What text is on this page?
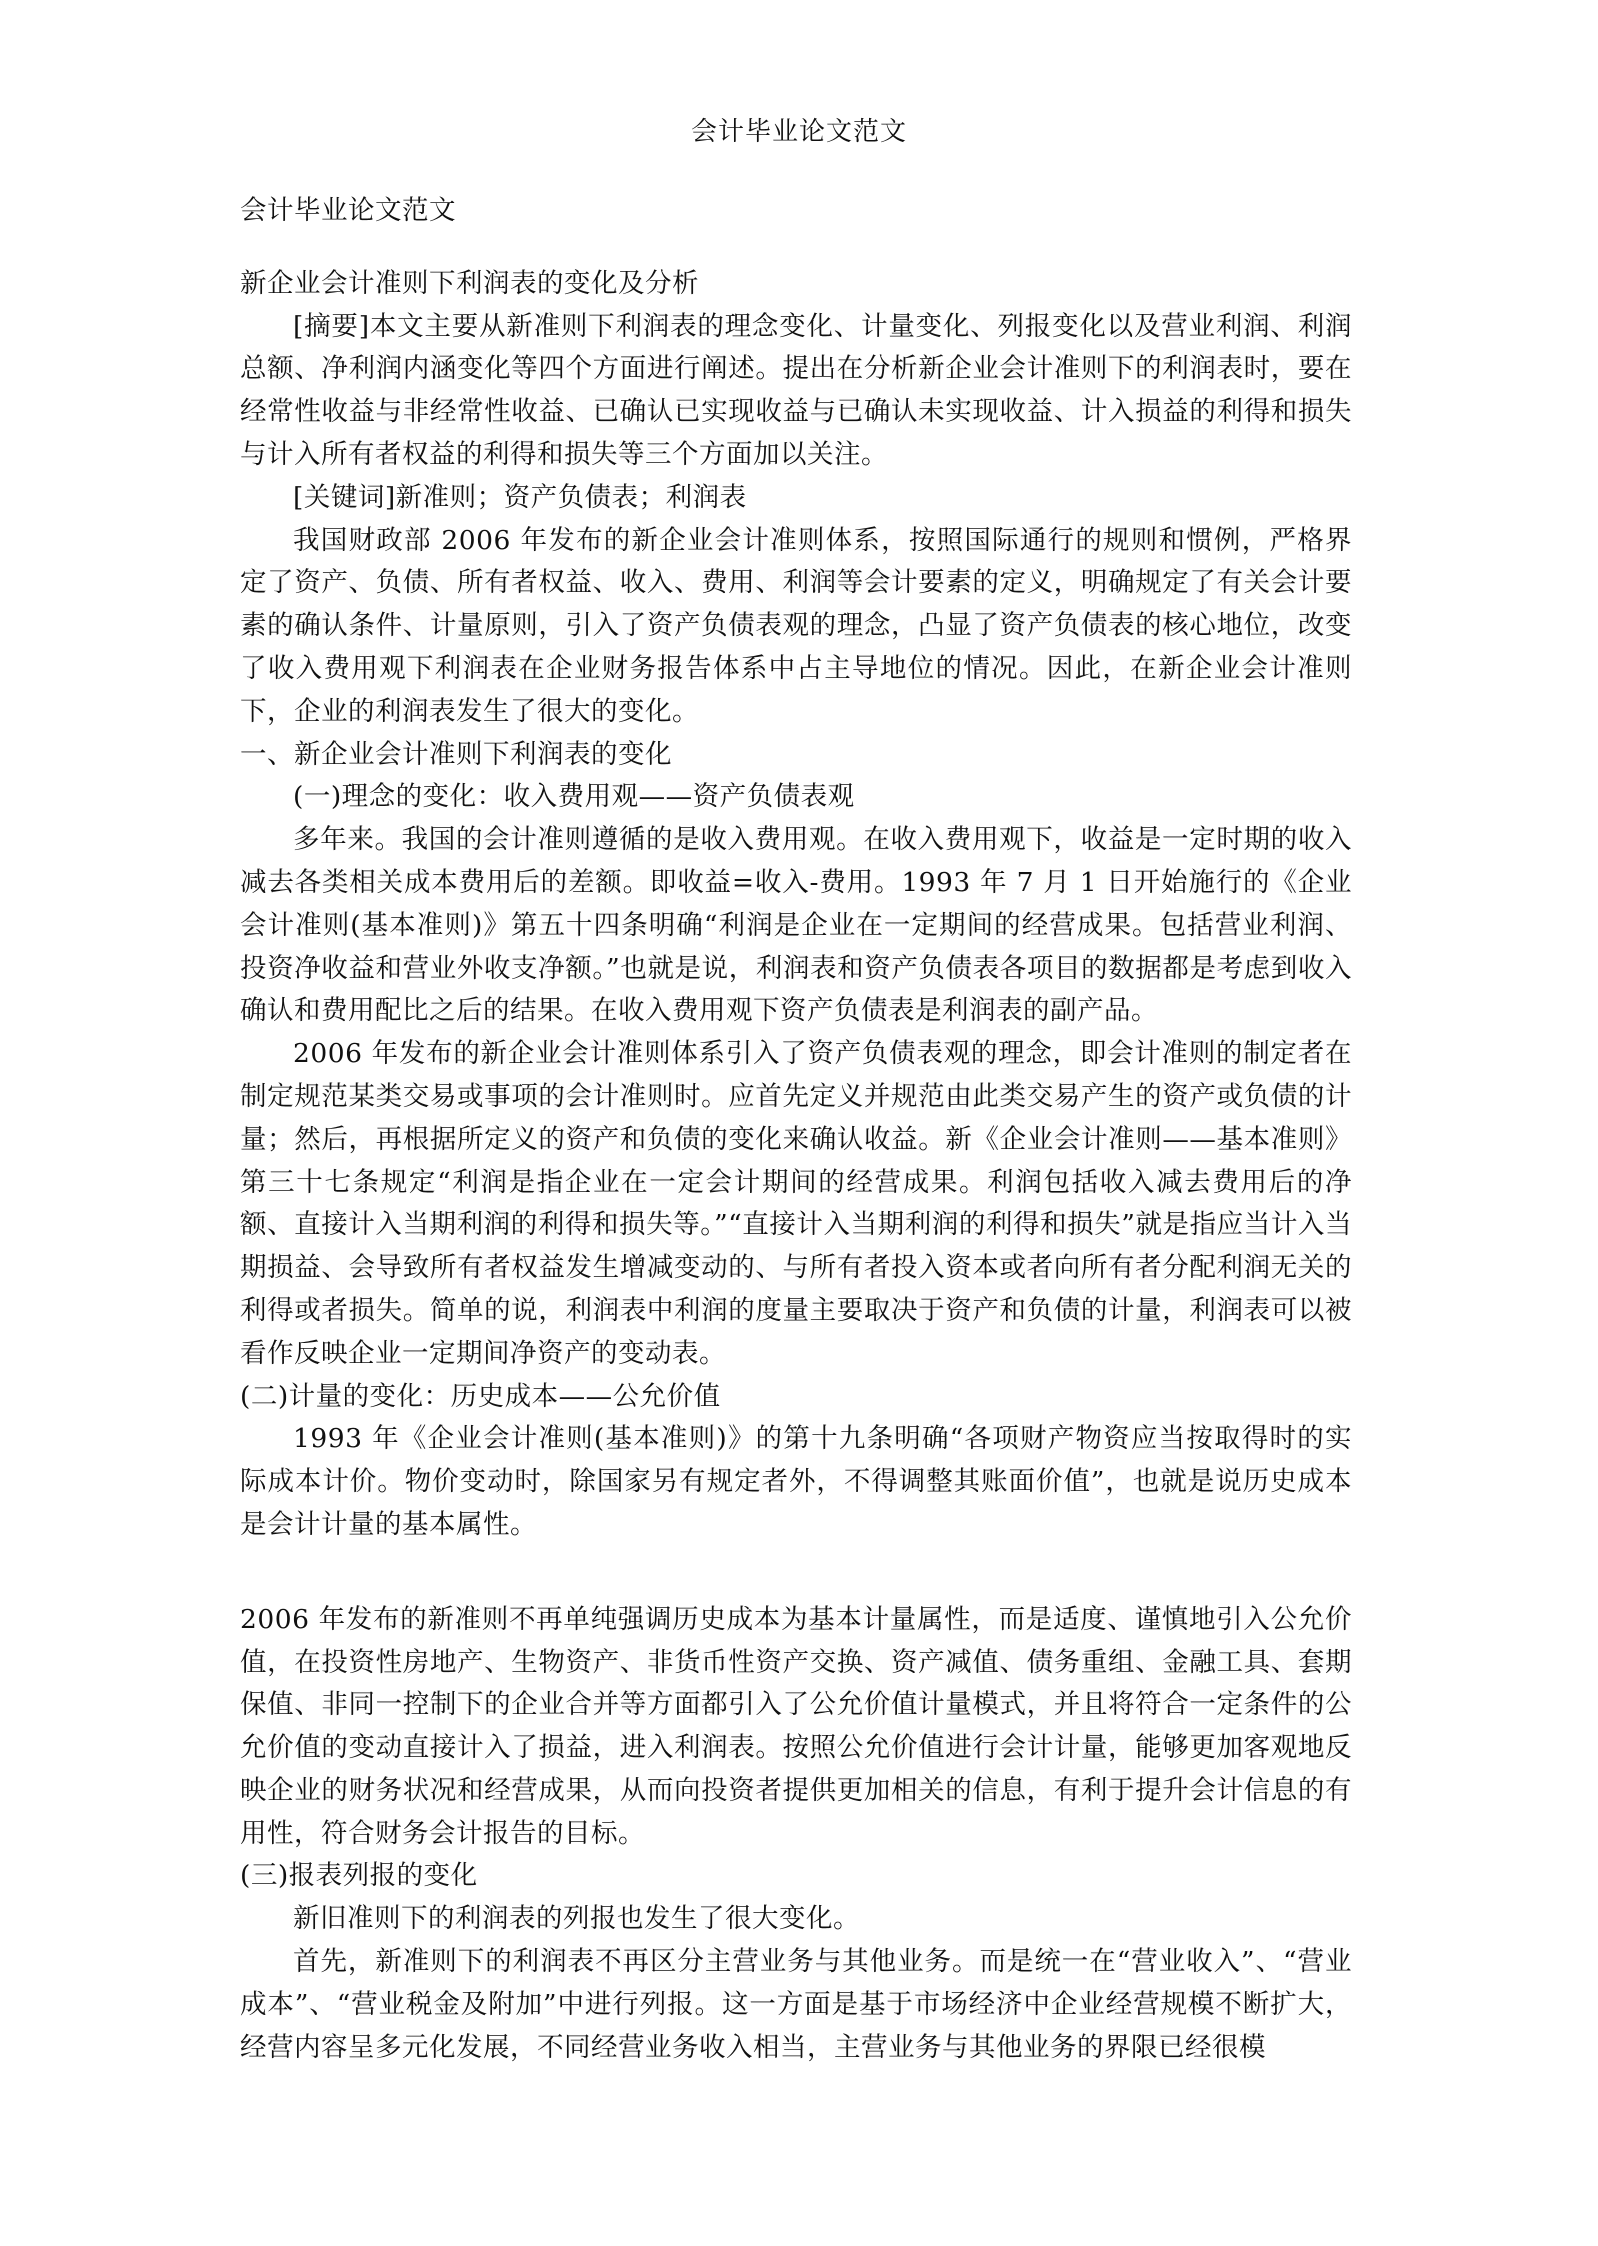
会计毕业论文范文

会计毕业论文范文

新企业会计准则下利润表的变化及分析

[摘要]本文主要从新准则下利润表的理念变化、计量变化、列报变化以及营业利润、利润总额、净利润内涵变化等四个方面进行阐述。提出在分析新企业会计准则下的利润表时，要在经常性收益与非经常性收益、已确认已实现收益与已确认未实现收益、计入损益的利得和损失与计入所有者权益的利得和损失等三个方面加以关注。

[关键词]新准则；资产负债表；利润表

我国财政部 2006 年发布的新企业会计准则体系，按照国际通行的规则和惯例，严格界定了资产、负债、所有者权益、收入、费用、利润等会计要素的定义，明确规定了有关会计要素的确认条件、计量原则，引入了资产负债表观的理念，凸显了资产负债表的核心地位，改变了收入费用观下利润表在企业财务报告体系中占主导地位的情况。因此，在新企业会计准则下，企业的利润表发生了很大的变化。

一、新企业会计准则下利润表的变化

(一)理念的变化：收入费用观——资产负债表观

多年来。我国的会计准则遵循的是收入费用观。在收入费用观下，收益是一定时期的收入减去各类相关成本费用后的差额。即收益=收入-费用。1993 年 7 月 1 日开始施行的《企业会计准则(基本准则)》第五十四条明确“利润是企业在一定期间的经营成果。包括营业利润、投资净收益和营业外收支净额。”也就是说，利润表和资产负债表各项目的数据都是考虑到收入确认和费用配比之后的结果。在收入费用观下资产负债表是利润表的副产品。

2006 年发布的新企业会计准则体系引入了资产负债表观的理念，即会计准则的制定者在制定规范某类交易或事项的会计准则时。应首先定义并规范由此类交易产生的资产或负债的计量；然后，再根据所定义的资产和负债的变化来确认收益。新《企业会计准则——基本准则》第三十七条规定“利润是指企业在一定会计期间的经营成果。利润包括收入减去费用后的净额、直接计入当期利润的利得和损失等。”“直接计入当期利润的利得和损失”就是指应当计入当期损益、会导致所有者权益发生增减变动的、与所有者投入资本或者向所有者分配利润无关的利得或者损失。简单的说，利润表中利润的度量主要取决于资产和负债的计量，利润表可以被看作反映企业一定期间净资产的变动表。

(二)计量的变化：历史成本——公允价值

1993 年《企业会计准则(基本准则)》的第十九条明确“各项财产物资应当按取得时的实际成本计价。物价变动时，除国家另有规定者外，不得调整其账面价值”，也就是说历史成本是会计计量的基本属性。

2006 年发布的新准则不再单纯强调历史成本为基本计量属性，而是适度、谨慎地引入公允价值，在投资性房地产、生物资产、非货币性资产交换、资产减值、债务重组、金融工具、套期保值、非同一控制下的企业合并等方面都引入了公允价值计量模式，并且将符合一定条件的公允价值的变动直接计入了损益，进入利润表。按照公允价值进行会计计量，能够更加客观地反映企业的财务状况和经营成果，从而向投资者提供更加相关的信息，有利于提升会计信息的有用性，符合财务会计报告的目标。

(三)报表列报的变化

新旧准则下的利润表的列报也发生了很大变化。

首先，新准则下的利润表不再区分主营业务与其他业务。而是统一在“营业收入”、“营业成本”、“营业税金及附加”中进行列报。这一方面是基于市场经济中企业经营规模不断扩大，经营内容呈多元化发展，不同经营业务收入相当，主营业务与其他业务的界限已经很模
